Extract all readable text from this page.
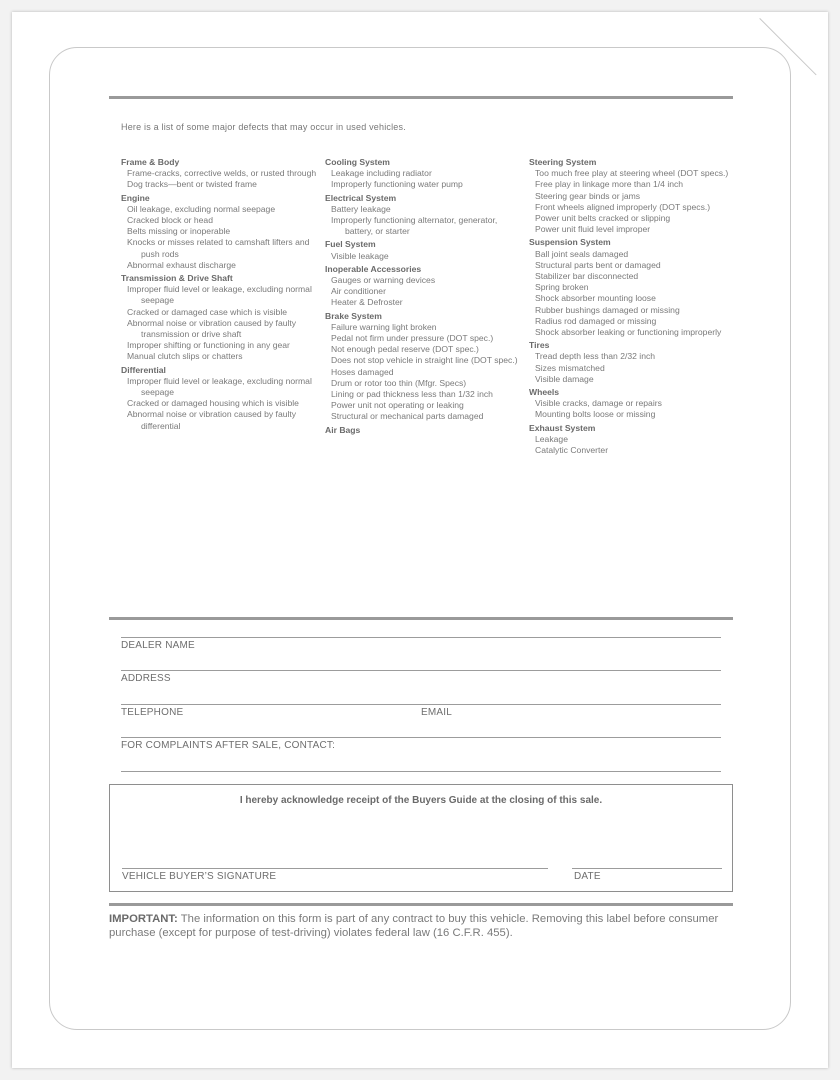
Here is a list of some major defects that may occur in used vehicles.
Frame & Body
Frame-cracks, corrective welds, or rusted through
Dog tracks—bent or twisted frame
Engine
Oil leakage, excluding normal seepage
Cracked block or head
Belts missing or inoperable
Knocks or misses related to camshaft lifters and push rods
Abnormal exhaust discharge
Transmission & Drive Shaft
Improper fluid level or leakage, excluding normal seepage
Cracked or damaged case which is visible
Abnormal noise or vibration caused by faulty transmission or drive shaft
Improper shifting or functioning in any gear
Manual clutch slips or chatters
Differential
Improper fluid level or leakage, excluding normal seepage
Cracked or damaged housing which is visible
Abnormal noise or vibration caused by faulty differential
Cooling System
Leakage including radiator
Improperly functioning water pump
Electrical System
Battery leakage
Improperly functioning alternator, generator, battery, or starter
Fuel System
Visible leakage
Inoperable Accessories
Gauges or warning devices
Air conditioner
Heater & Defroster
Brake System
Failure warning light broken
Pedal not firm under pressure (DOT spec.)
Not enough pedal reserve (DOT spec.)
Does not stop vehicle in straight line (DOT spec.)
Hoses damaged
Drum or rotor too thin (Mfgr. Specs)
Lining or pad thickness less than 1/32 inch
Power unit not operating or leaking
Structural or mechanical parts damaged
Air Bags
Steering System
Too much free play at steering wheel (DOT specs.)
Free play in linkage more than 1/4 inch
Steering gear binds or jams
Front wheels aligned improperly (DOT specs.)
Power unit belts cracked or slipping
Power unit fluid level improper
Suspension System
Ball joint seals damaged
Structural parts bent or damaged
Stabilizer bar disconnected
Spring broken
Shock absorber mounting loose
Rubber bushings damaged or missing
Radius rod damaged or missing
Shock absorber leaking or functioning improperly
Tires
Tread depth less than 2/32 inch
Sizes mismatched
Visible damage
Wheels
Visible cracks, damage or repairs
Mounting bolts loose or missing
Exhaust System
Leakage
Catalytic Converter
DEALER NAME
ADDRESS
TELEPHONE	EMAIL
FOR COMPLAINTS AFTER SALE, CONTACT:
I hereby acknowledge receipt of the Buyers Guide at the closing of this sale.
VEHICLE BUYER’S SIGNATURE	DATE
IMPORTANT: The information on this form is part of any contract to buy this vehicle. Removing this label before consumer purchase (except for purpose of test-driving) violates federal law (16 C.F.R. 455).
